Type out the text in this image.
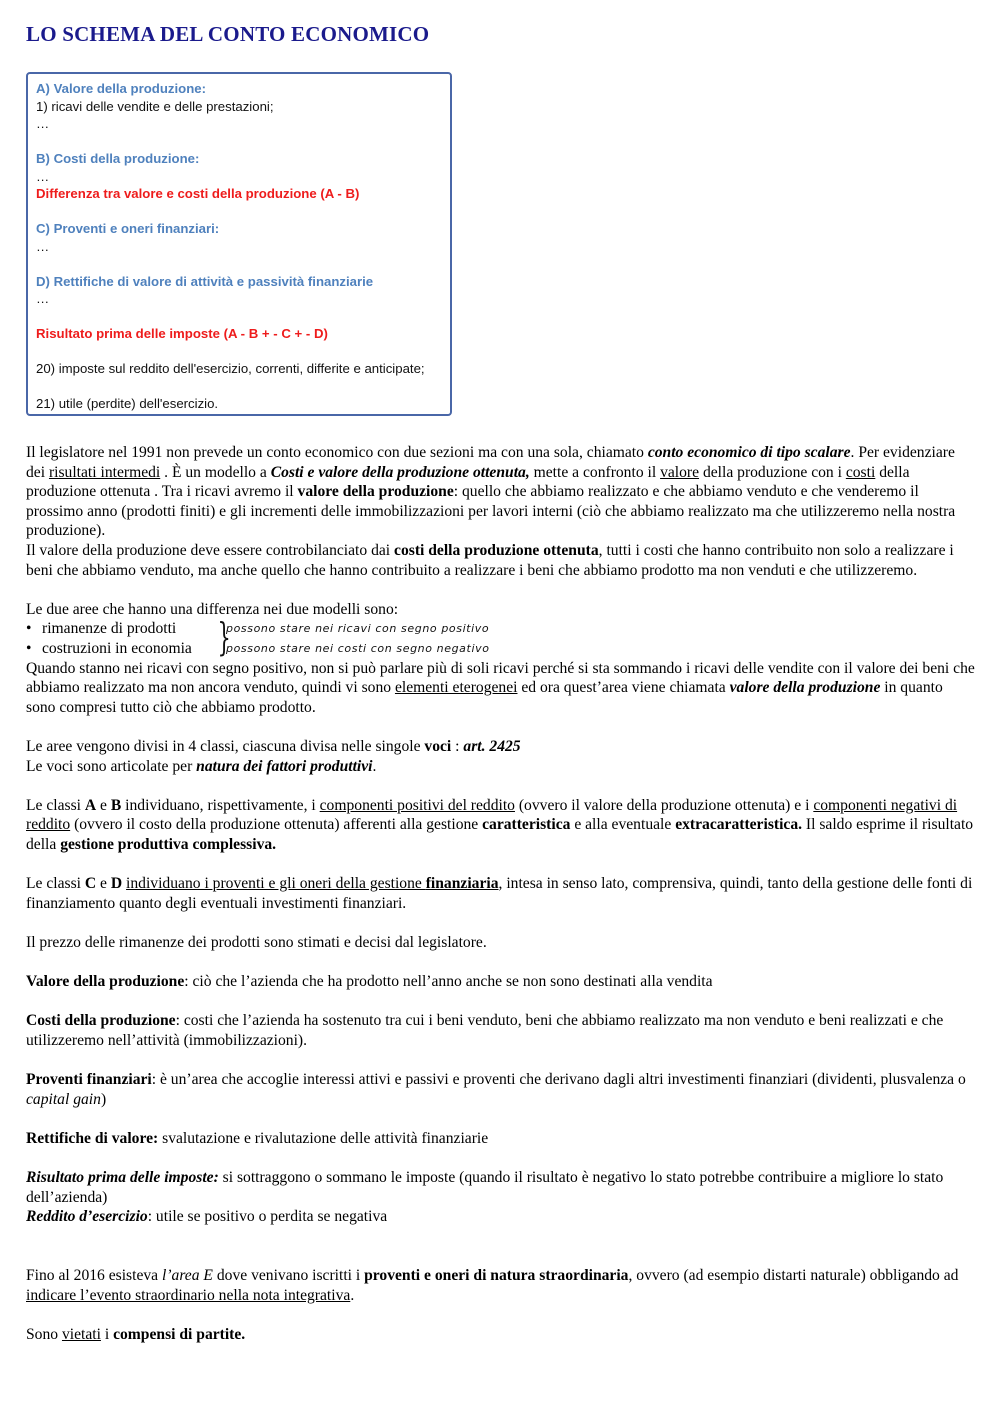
LO SCHEMA DEL CONTO ECONOMICO
A) Valore della produzione:
1) ricavi delle vendite e delle prestazioni;
…
B) Costi della produzione:
…
Differenza tra valore e costi della produzione (A - B)
C) Proventi e oneri finanziari:
…
D) Rettifiche di valore di attività e passività finanziarie
…
Risultato prima delle imposte (A - B + - C + - D)
20) imposte sul reddito dell'esercizio, correnti, differite e anticipate;
21) utile (perdite) dell'esercizio.

Il legislatore nel 1991 non prevede un conto economico con due sezioni ma con una sola, chiamato conto economico di tipo scalare. Per evidenziare dei risultati intermedi . È un modello a Costi e valore della produzione ottenuta, mette a confronto il valore della produzione con i costi della produzione ottenuta . Tra i ricavi avremo il valore della produzione: quello che abbiamo realizzato e che abbiamo venduto e che venderemo il prossimo anno (prodotti finiti) e gli incrementi delle immobilizzazioni per lavori interni (ciò che abbiamo realizzato ma che utilizzeremo nella nostra produzione).

Il valore della produzione deve essere controbilanciato dai costi della produzione ottenuta, tutti i costi che hanno contribuito non solo a realizzare i beni che abbiamo venduto, ma anche quello che hanno contribuito a realizzare i beni che abbiamo prodotto ma non venduti e che utilizzeremo.

Le due aree che hanno una differenza nei due modelli sono:

• rimanenze di prodotti
• costruzioni in economia }
possono stare nei ricavi con segno positivo
possono stare nei costi con segno negativo

Quando stanno nei ricavi con segno positivo, non si può parlare più di soli ricavi perché si sta sommando i ricavi delle vendite con il valore dei beni che abbiamo realizzato ma non ancora venduto, quindi vi sono elementi eterogenei ed ora quest’area viene chiamata valore della produzione in quanto sono compresi tutto ciò che abbiamo prodotto.

Le aree vengono divisi in 4 classi, ciascuna divisa nelle singole voci : art. 2425

Le voci sono articolate per natura dei fattori produttivi.

Le classi A e B individuano, rispettivamente, i componenti positivi del reddito (ovvero il valore della produzione ottenuta) e i componenti negativi di reddito (ovvero il costo della produzione ottenuta) afferenti alla gestione caratteristica e alla eventuale extracaratteristica. Il saldo esprime il risultato della gestione produttiva complessiva.

Le classi C e D individuano i proventi e gli oneri della gestione finanziaria, intesa in senso lato, comprensiva, quindi, tanto della gestione delle fonti di finanziamento quanto degli eventuali investimenti finanziari.

Il prezzo delle rimanenze dei prodotti sono stimati e decisi dal legislatore.

Valore della produzione: ciò che l’azienda che ha prodotto nell’anno anche se non sono destinati alla vendita

Costi della produzione: costi che l’azienda ha sostenuto tra cui i beni venduto, beni che abbiamo realizzato ma non venduto e beni realizzati e che utilizzeremo nell’attività (immobilizzazioni).

Proventi finanziari: è un’area che accoglie interessi attivi e passivi e proventi che derivano dagli altri investimenti finanziari (dividenti, plusvalenza o capital gain)

Rettifiche di valore: svalutazione e rivalutazione delle attività finanziarie

Risultato prima delle imposte: si sottraggono o sommano le imposte (quando il risultato è negativo lo stato potrebbe contribuire a migliore lo stato dell’azienda)

Reddito d’esercizio: utile se positivo o perdita se negativa

Fino al 2016 esisteva l’area E dove venivano iscritti i proventi e oneri di natura straordinaria, ovvero (ad esempio distarti naturale) obbligando ad indicare l’evento straordinario nella nota integrativa.

Sono vietati i compensi di partite.
